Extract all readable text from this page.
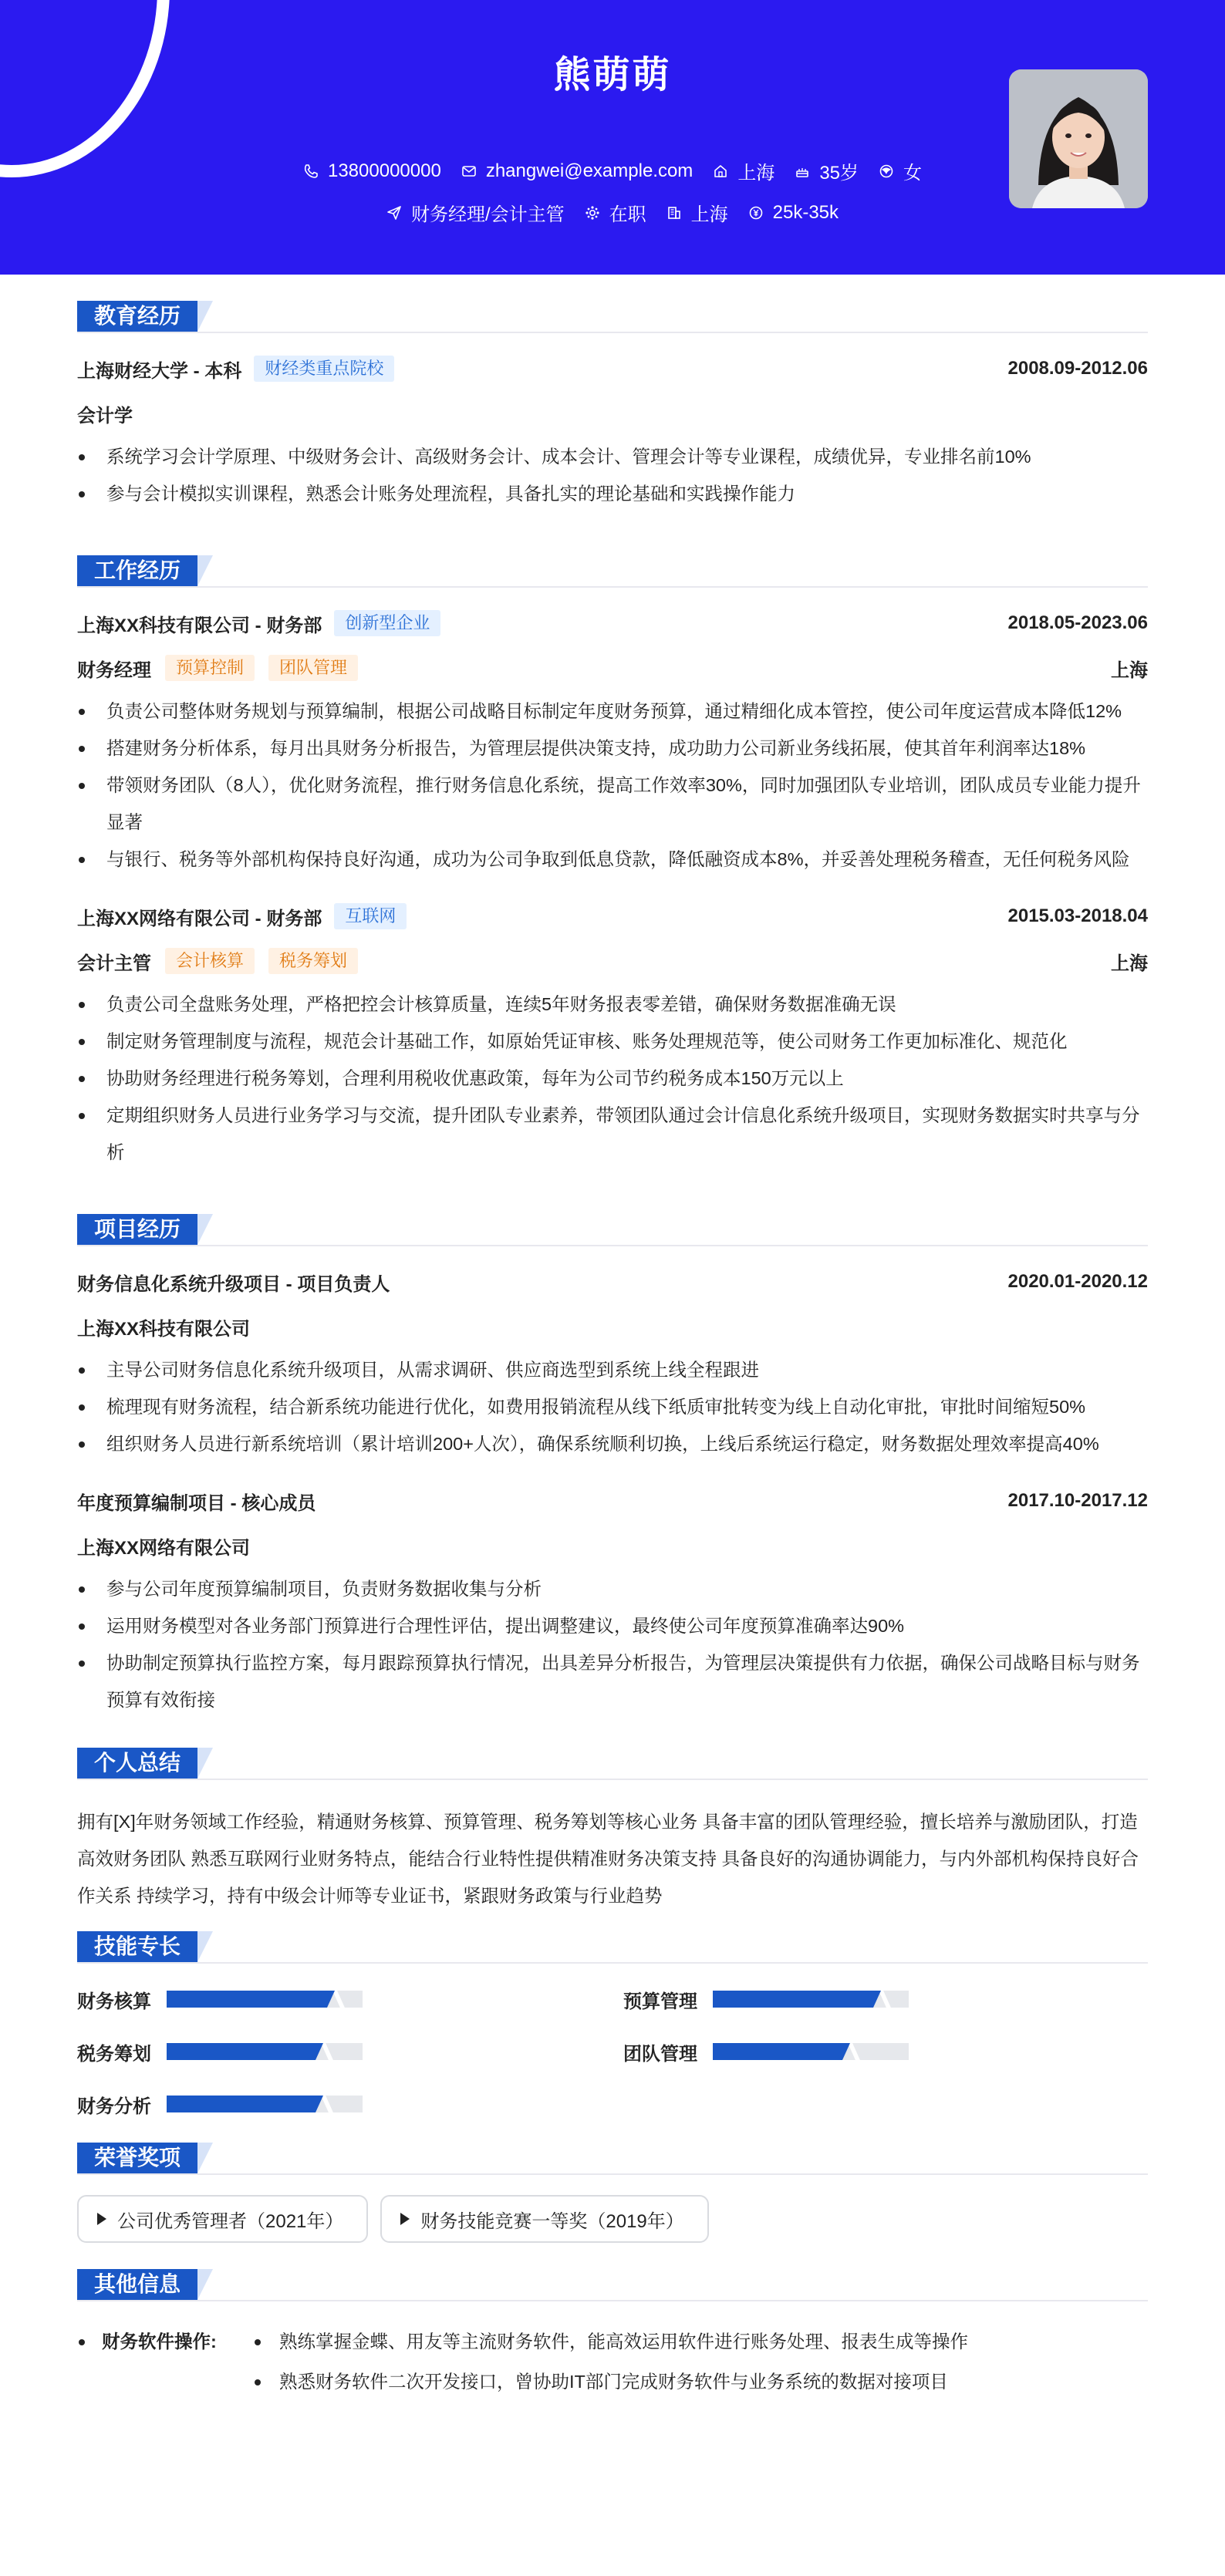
熊萌萌
13800000000 zhangwei@example.com 上海 35岁 女
财务经理/会计主管 在职 上海 25k-35k
教育经历
上海财经大学 - 本科	财经类重点院校	2008.09-2012.06
会计学
系统学习会计学原理、中级财务会计、高级财务会计、成本会计、管理会计等专业课程，成绩优异，专业排名前10%
参与会计模拟实训课程，熟悉会计账务处理流程，具备扎实的理论基础和实践操作能力
工作经历
上海XX科技有限公司 - 财务部	创新型企业	2018.05-2023.06
财务经理	预算控制	团队管理	上海
负责公司整体财务规划与预算编制，根据公司战略目标制定年度财务预算，通过精细化成本管控，使公司年度运营成本降低12%
搭建财务分析体系，每月出具财务分析报告，为管理层提供决策支持，成功助力公司新业务线拓展，使其首年利润率达18%
带领财务团队（8人），优化财务流程，推行财务信息化系统，提高工作效率30%，同时加强团队专业培训，团队成员专业能力提升显著
与银行、税务等外部机构保持良好沟通，成功为公司争取到低息贷款，降低融资成本8%，并妥善处理税务稽查，无任何税务风险
上海XX网络有限公司 - 财务部	互联网	2015.03-2018.04
会计主管	会计核算	税务筹划	上海
负责公司全盘账务处理，严格把控会计核算质量，连续5年财务报表零差错，确保财务数据准确无误
制定财务管理制度与流程，规范会计基础工作，如原始凭证审核、账务处理规范等，使公司财务工作更加标准化、规范化
协助财务经理进行税务筹划，合理利用税收优惠政策，每年为公司节约税务成本150万元以上
定期组织财务人员进行业务学习与交流，提升团队专业素养，带领团队通过会计信息化系统升级项目，实现财务数据实时共享与分析
项目经历
财务信息化系统升级项目 - 项目负责人	2020.01-2020.12
上海XX科技有限公司
主导公司财务信息化系统升级项目，从需求调研、供应商选型到系统上线全程跟进
梳理现有财务流程，结合新系统功能进行优化，如费用报销流程从线下纸质审批转变为线上自动化审批，审批时间缩短50%
组织财务人员进行新系统培训（累计培训200+人次），确保系统顺利切换，上线后系统运行稳定，财务数据处理效率提高40%
年度预算编制项目 - 核心成员	2017.10-2017.12
上海XX网络有限公司
参与公司年度预算编制项目，负责财务数据收集与分析
运用财务模型对各业务部门预算进行合理性评估，提出调整建议，最终使公司年度预算准确率达90%
协助制定预算执行监控方案，每月跟踪预算执行情况，出具差异分析报告，为管理层决策提供有力依据，确保公司战略目标与财务预算有效衔接
个人总结
拥有[X]年财务领域工作经验，精通财务核算、预算管理、税务筹划等核心业务 具备丰富的团队管理经验，擅长培养与激励团队，打造高效财务团队 熟悉互联网行业财务特点，能结合行业特性提供精准财务决策支持 具备良好的沟通协调能力，与内外部机构保持良好合作关系 持续学习，持有中级会计师等专业证书，紧跟财务政策与行业趋势
技能专长
财务核算	预算管理
税务筹划	团队管理
财务分析
荣誉奖项
公司优秀管理者（2021年）	财务技能竞赛一等奖（2019年）
其他信息
财务软件操作:	熟练掌握金蝶、用友等主流财务软件，能高效运用软件进行账务处理、报表生成等操作
熟悉财务软件二次开发接口，曾协助IT部门完成财务软件与业务系统的数据对接项目
